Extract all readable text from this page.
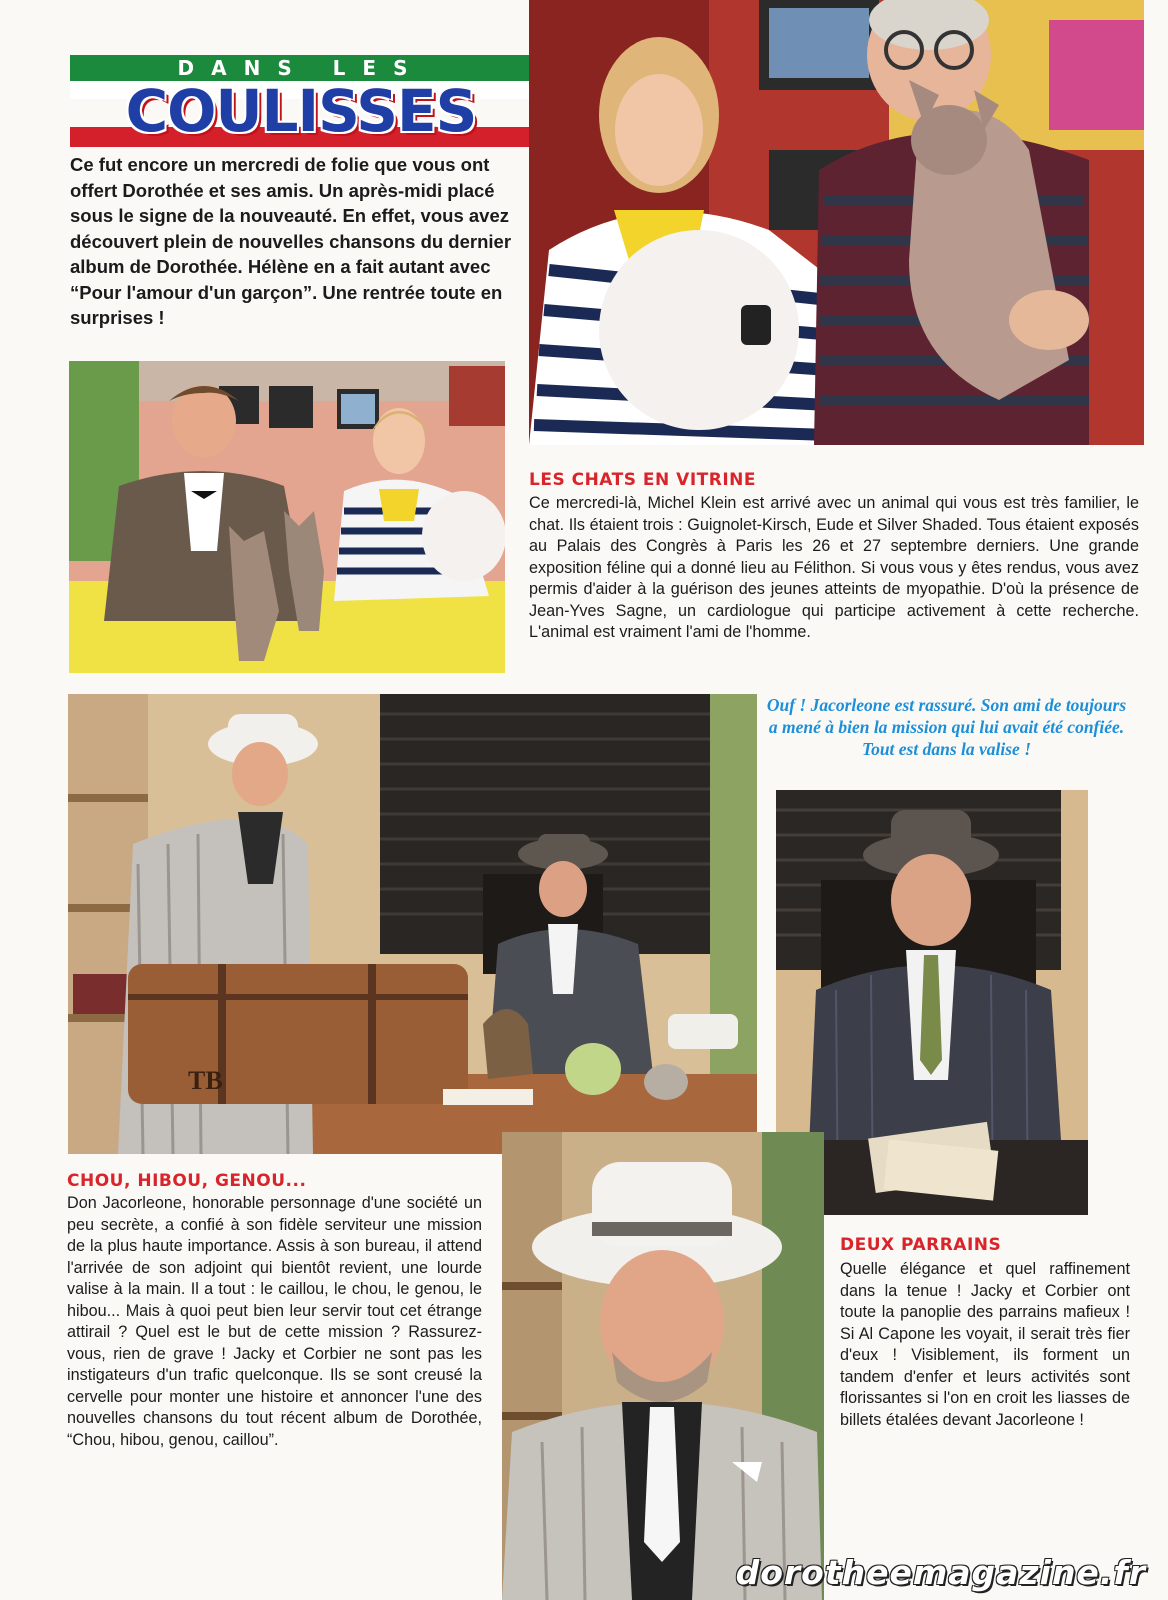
DANS LES
COULISSES

Ce fut encore un mercredi de folie que vous ont offert Dorothée et ses amis. Un après-midi placé sous le signe de la nouveauté. En effet, vous avez découvert plein de nouvelles chansons du dernier album de Dorothée. Hélène en a fait autant avec “Pour l'amour d'un garçon”. Une rentrée toute en surprises !

LES CHATS EN VITRINE

Ce mercredi-là, Michel Klein est arrivé avec un animal qui vous est très familier, le chat. Ils étaient trois : Guignolet-Kirsch, Eude et Silver Shaded. Tous étaient exposés au Palais des Congrès à Paris les 26 et 27 septembre derniers. Une grande exposition féline qui a donné lieu au Félithon. Si vous vous y êtes rendus, vous avez permis d'aider à la guérison des jeunes atteints de myopathie. D'où la présence de Jean-Yves Sagne, un cardiologue qui participe activement à cette recherche. L'animal est vraiment l'ami de l'homme.

TB

Ouf ! Jacorleone est rassuré. Son ami de toujours a mené à bien la mission qui lui avait été confiée. Tout est dans la valise !

CHOU, HIBOU, GENOU...

Don Jacorleone, honorable personnage d'une société un peu secrète, a confié à son fidèle serviteur une mission de la plus haute importance. Assis à son bureau, il attend l'arrivée de son adjoint qui bientôt revient, une lourde valise à la main. Il a tout : le caillou, le chou, le genou, le hibou... Mais à quoi peut bien leur servir tout cet étrange attirail ? Quel est le but de cette mission ? Rassurez-vous, rien de grave ! Jacky et Corbier ne sont pas les instigateurs d'un trafic quelconque. Ils se sont creusé la cervelle pour monter une histoire et annoncer l'une des nouvelles chansons du tout récent album de Dorothée, “Chou, hibou, genou, caillou”.

DEUX PARRAINS

Quelle élégance et quel raffinement dans la tenue ! Jacky et Corbier ont toute la panoplie des parrains mafieux ! Si Al Capone les voyait, il serait très fier d'eux ! Visiblement, ils forment un tandem d'enfer et leurs activités sont florissantes si l'on en croit les liasses de billets étalées devant Jacorleone !

dorotheemagazine.fr
